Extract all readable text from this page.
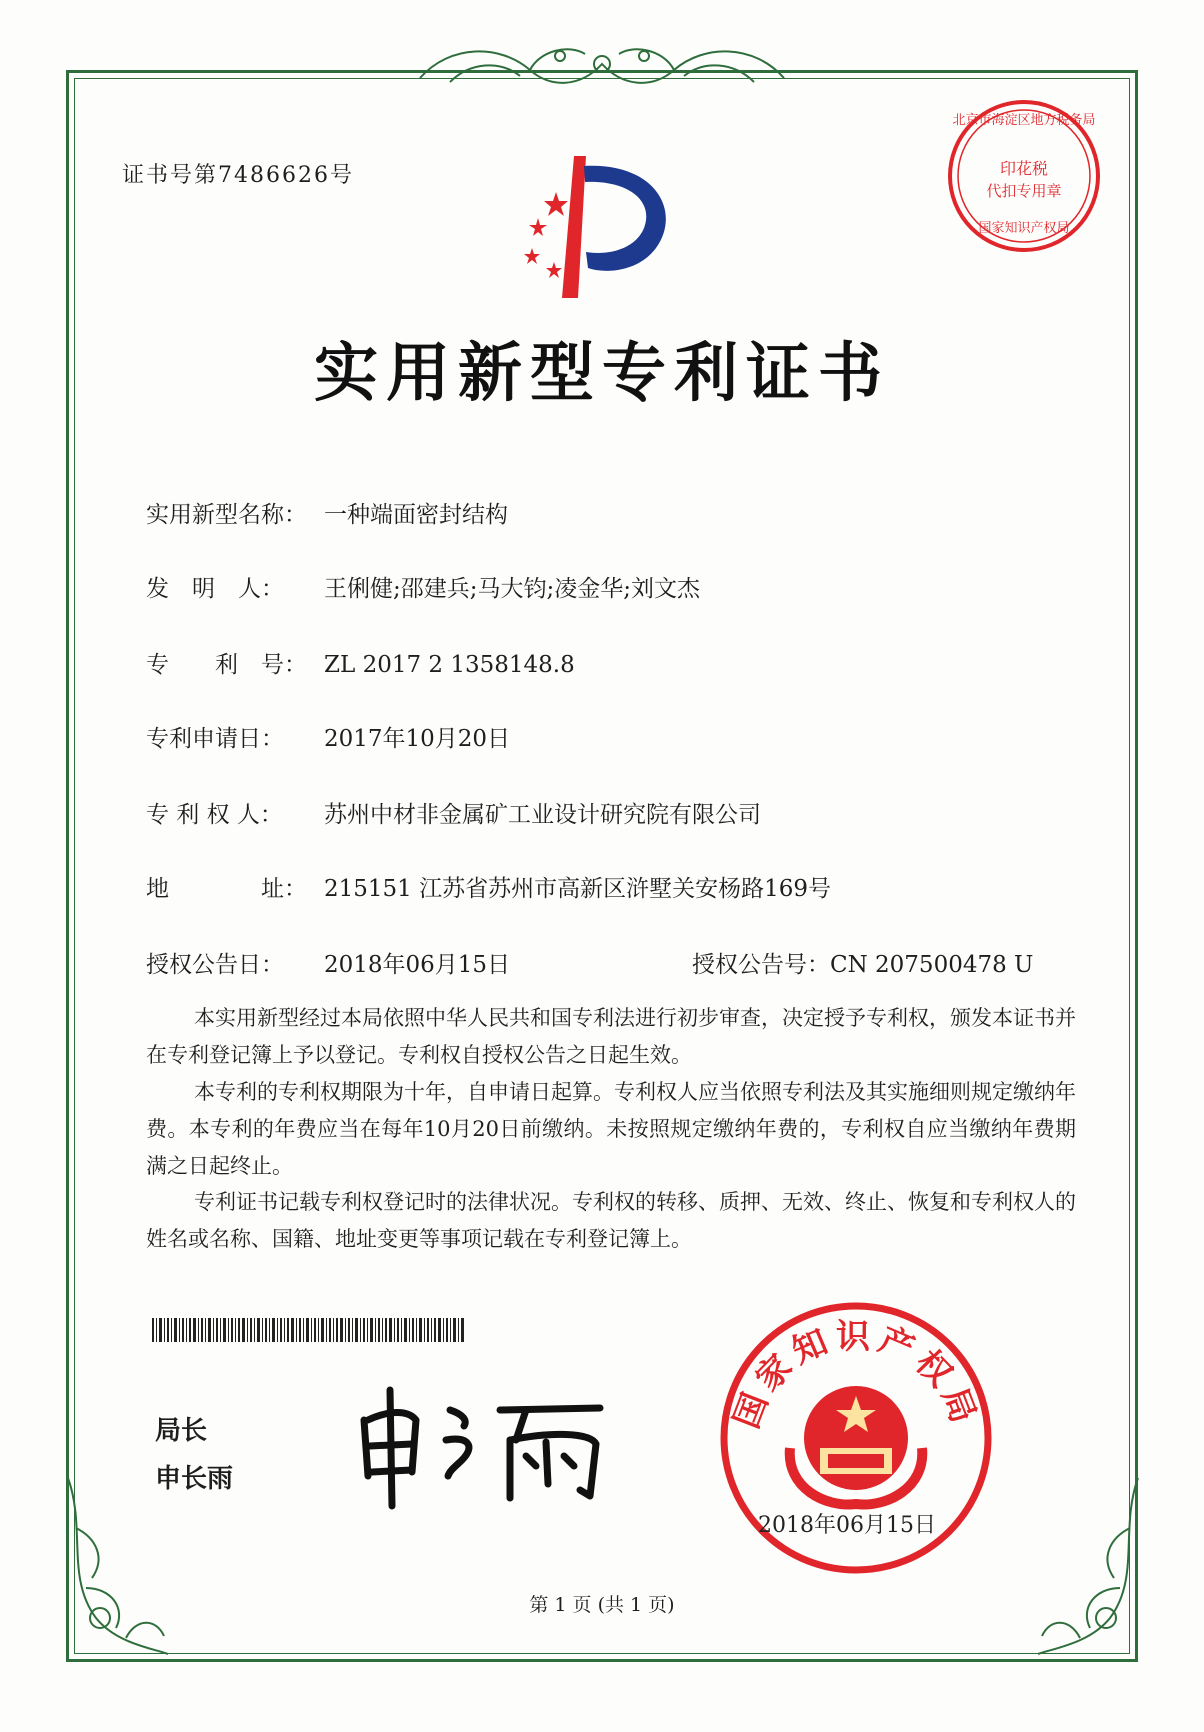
证书号第7486626号
北京市海淀区地方税务局
印花税
代扣专用章
国家知识产权局
实用新型专利证书
实用新型名称： 一种端面密封结构
发　明　人： 王俐健;邵建兵;马大钧;凌金华;刘文杰
专　　利　号： ZL 2017 2 1358148.8
专利申请日： 2017年10月20日
专 利 权 人： 苏州中材非金属矿工业设计研究院有限公司
地　　　　址： 215151 江苏省苏州市高新区浒墅关安杨路169号
授权公告日： 2018年06月15日	授权公告号：CN 207500478 U
本实用新型经过本局依照中华人民共和国专利法进行初步审查，决定授予专利权，颁发本证书并在专利登记簿上予以登记。专利权自授权公告之日起生效。
本专利的专利权期限为十年，自申请日起算。专利权人应当依照专利法及其实施细则规定缴纳年费。本专利的年费应当在每年10月20日前缴纳。未按照规定缴纳年费的，专利权自应当缴纳年费期满之日起终止。
专利证书记载专利权登记时的法律状况。专利权的转移、质押、无效、终止、恢复和专利权人的姓名或名称、国籍、地址变更等事项记载在专利登记簿上。
局长
申长雨
国家知识产权局
2018年06月15日
第 1 页 (共 1 页)
